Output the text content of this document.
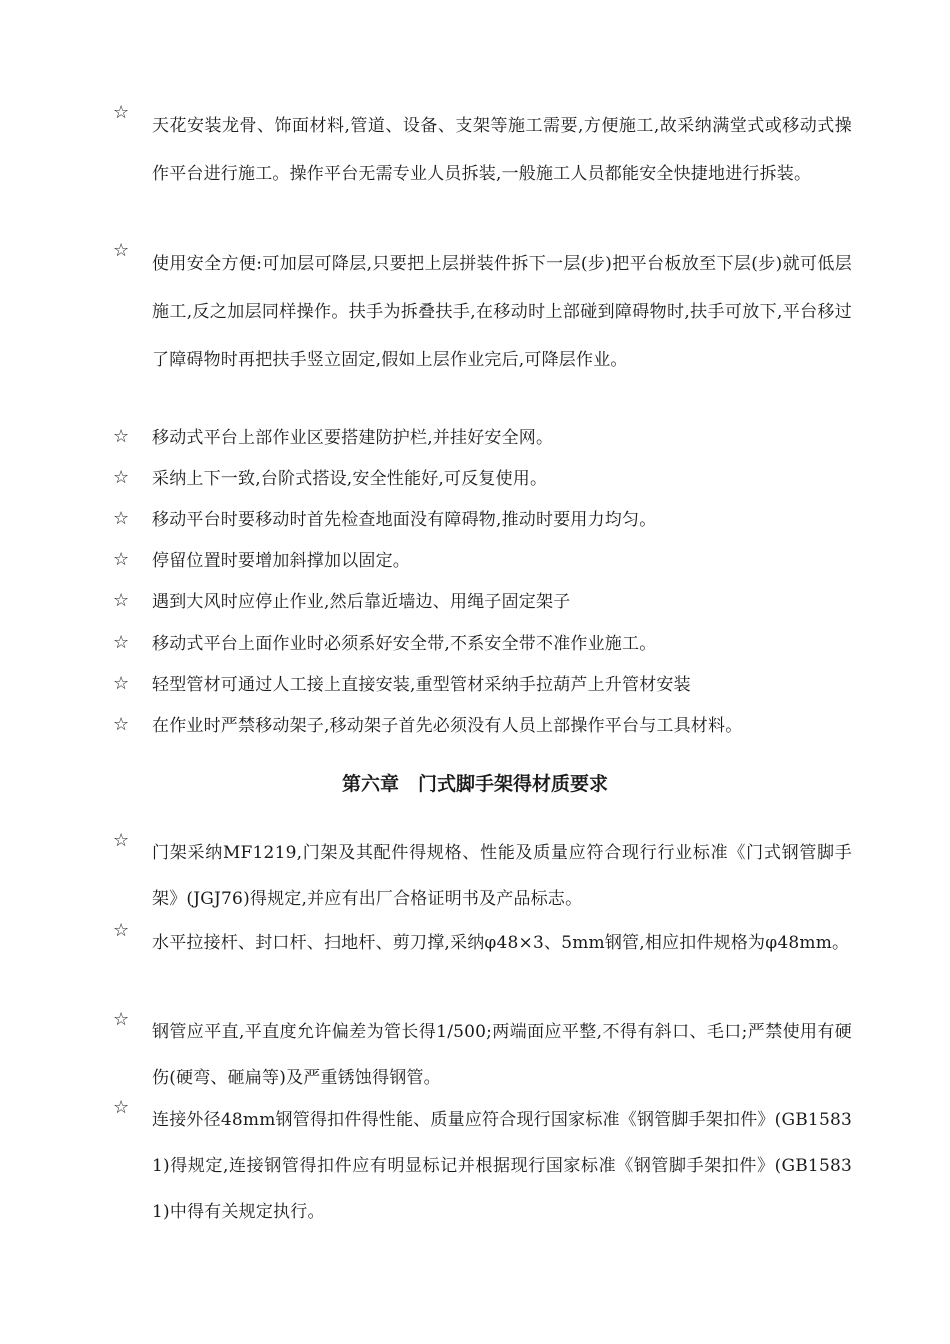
☆
天花安装龙骨、饰面材料,管道、设备、支架等施工需要,方便施工,故采纳满堂式或移动式操作平台进行施工。操作平台无需专业人员拆装,一般施工人员都能安全快捷地进行拆装。
☆
使用安全方便:可加层可降层,只要把上层拼装件拆下一层(步)把平台板放至下层(步)就可低层施工,反之加层同样操作。扶手为拆叠扶手,在移动时上部碰到障碍物时,扶手可放下,平台移过了障碍物时再把扶手竖立固定,假如上层作业完后,可降层作业。
☆	移动式平台上部作业区要搭建防护栏,并挂好安全网。
☆	采纳上下一致,台阶式搭设,安全性能好,可反复使用。
☆	移动平台时要移动时首先检查地面没有障碍物,推动时要用力均匀。
☆	停留位置时要增加斜撑加以固定。
☆	遇到大风时应停止作业,然后靠近墙边、用绳子固定架子
☆	移动式平台上面作业时必须系好安全带,不系安全带不准作业施工。
☆	轻型管材可通过人工接上直接安装,重型管材采纳手拉葫芦上升管材安装
☆	在作业时严禁移动架子,移动架子首先必须没有人员上部操作平台与工具材料。
第六章　门式脚手架得材质要求
☆
门架采纳MF1219,门架及其配件得规格、性能及质量应符合现行行业标准《门式钢管脚手架》(JGJ76)得规定,并应有出厂合格证明书及产品标志。
☆
水平拉接杆、封口杆、扫地杆、剪刀撑,采纳φ48×3、5mm钢管,相应扣件规格为φ48mm。
☆
钢管应平直,平直度允许偏差为管长得1/500;两端面应平整,不得有斜口、毛口;严禁使用有硬伤(硬弯、砸扁等)及严重锈蚀得钢管。
☆
连接外径48mm钢管得扣件得性能、质量应符合现行国家标准《钢管脚手架扣件》(GB15831)得规定,连接钢管得扣件应有明显标记并根据现行国家标准《钢管脚手架扣件》(GB15831)中得有关规定执行。
